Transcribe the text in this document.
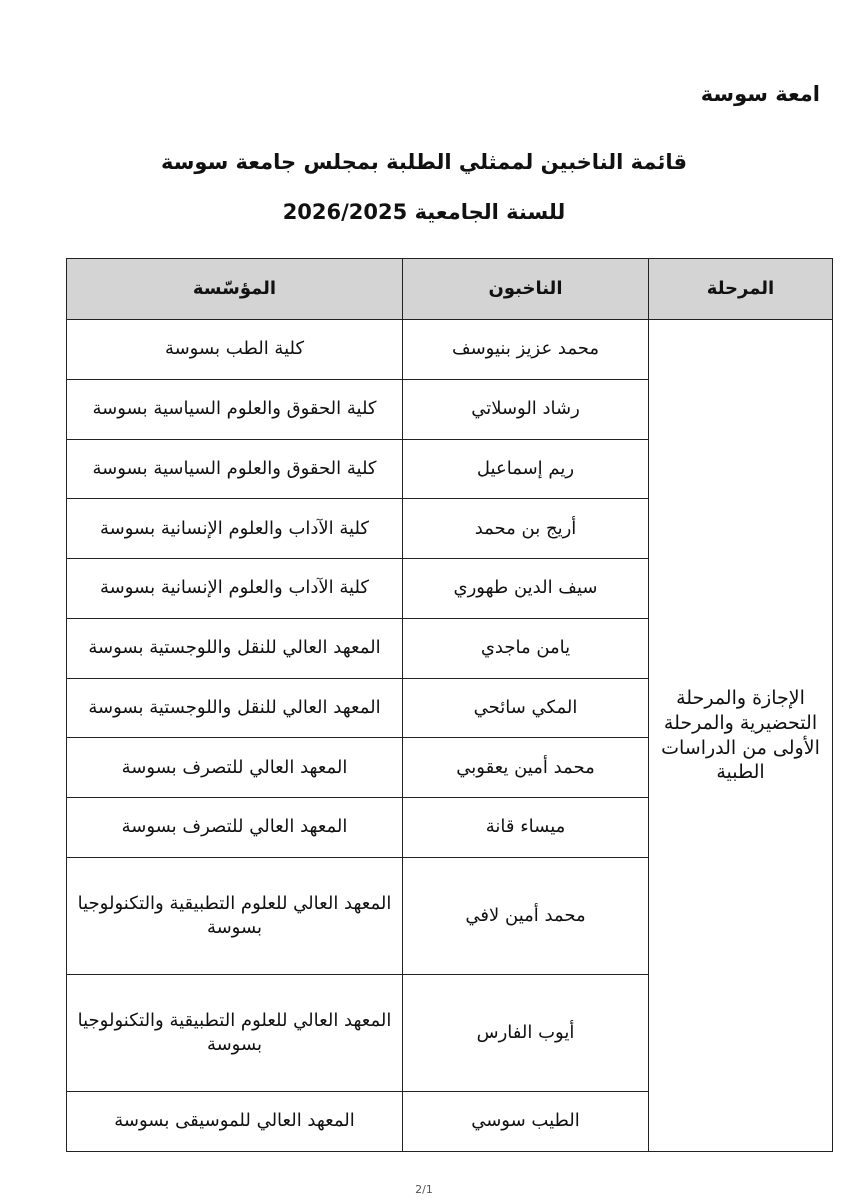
امعة سوسة
قائمة الناخبين لممثلي الطلبة بمجلس جامعة سوسة
للسنة الجامعية 2026/2025
المرحلة	الناخبون	المؤسّسة
الإجازة والمرحلة التحضيرية والمرحلة الأولى من الدراسات الطبية	محمد عزيز بنيوسف	كلية الطب بسوسة
	رشاد الوسلاتي	كلية الحقوق والعلوم السياسية بسوسة
	ريم إسماعيل	كلية الحقوق والعلوم السياسية بسوسة
	أريج بن محمد	كلية الآداب والعلوم الإنسانية بسوسة
	سيف الدين طهوري	كلية الآداب والعلوم الإنسانية بسوسة
	يامن ماجدي	المعهد العالي للنقل واللوجستية بسوسة
	المكي سائحي	المعهد العالي للنقل واللوجستية بسوسة
	محمد أمين يعقوبي	المعهد العالي للتصرف بسوسة
	ميساء قانة	المعهد العالي للتصرف بسوسة
	محمد أمين لافي	المعهد العالي للعلوم التطبيقية والتكنولوجيا بسوسة
	أيوب الفارس	المعهد العالي للعلوم التطبيقية والتكنولوجيا بسوسة
	الطيب سوسي	المعهد العالي للموسيقى بسوسة
2/1
